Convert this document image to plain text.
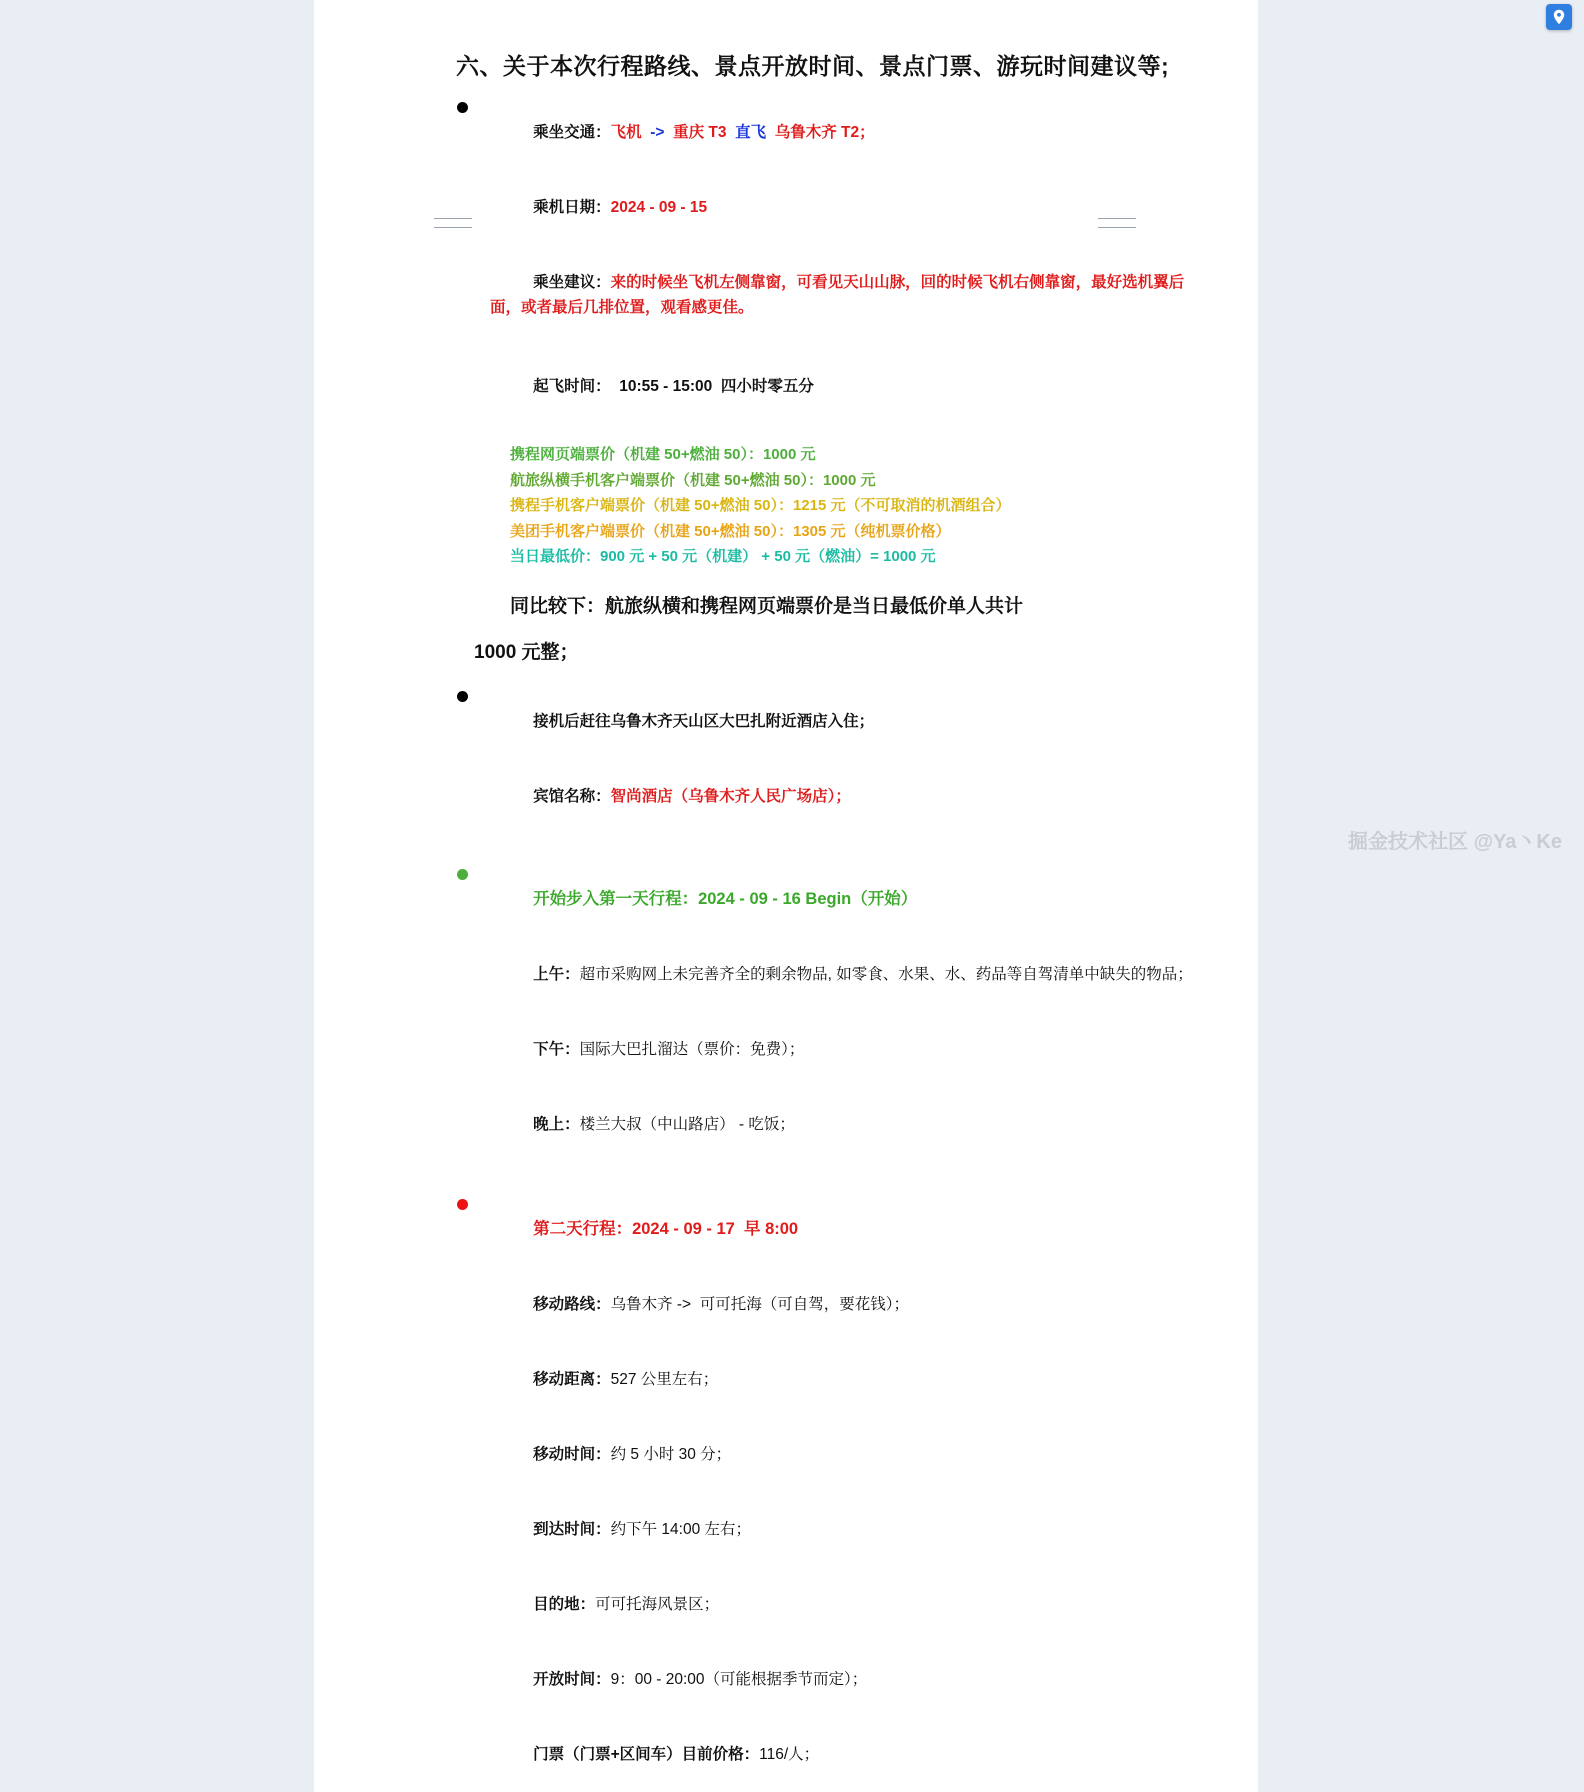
六、关于本次行程路线、景点开放时间、景点门票、游玩时间建议等;

乘坐交通：飞机 -> 重庆 T3 直飞 乌鲁木齐 T2；

乘机日期：2024 - 09 - 15

乘坐建议：来的时候坐飞机左侧靠窗，可看见天山山脉，回的时候飞机右侧靠窗，最好选机翼后面，或者最后几排位置，观看感更佳。

起飞时间： 10:55 - 15:00  四小时零五分

携程网页端票价（机建 50+燃油 50）：1000 元
航旅纵横手机客户端票价（机建 50+燃油 50）：1000 元
携程手机客户端票价（机建 50+燃油 50）：1215 元（不可取消的机酒组合）
美团手机客户端票价（机建 50+燃油 50）：1305 元（纯机票价格）
当日最低价：900 元 + 50 元（机建） + 50 元（燃油）= 1000 元
同比较下：航旅纵横和携程网页端票价是当日最低价单人共计
1000 元整；

接机后赶往乌鲁木齐天山区大巴扎附近酒店入住；

宾馆名称：智尚酒店（乌鲁木齐人民广场店）；

开始步入第一天行程：2024 - 09 - 16 Begin（开始）

上午：超市采购网上未完善齐全的剩余物品, 如零食、水果、水、药品等自驾清单中缺失的物品；

下午：国际大巴扎溜达（票价：免费）；

晚上：楼兰大叔（中山路店） - 吃饭；

第二天行程：2024 - 09 - 17  早 8:00

移动路线：乌鲁木齐 ->  可可托海（可自驾，要花钱）；

移动距离：527 公里左右；

移动时间：约 5 小时 30 分；

到达时间：约下午 14:00 左右；

目的地：可可托海风景区；

开放时间：9：00 - 20:00（可能根据季节而定）；

门票（门票+区间车）目前价格：116/人；

掘金技术社区 @Ya丶Ke
